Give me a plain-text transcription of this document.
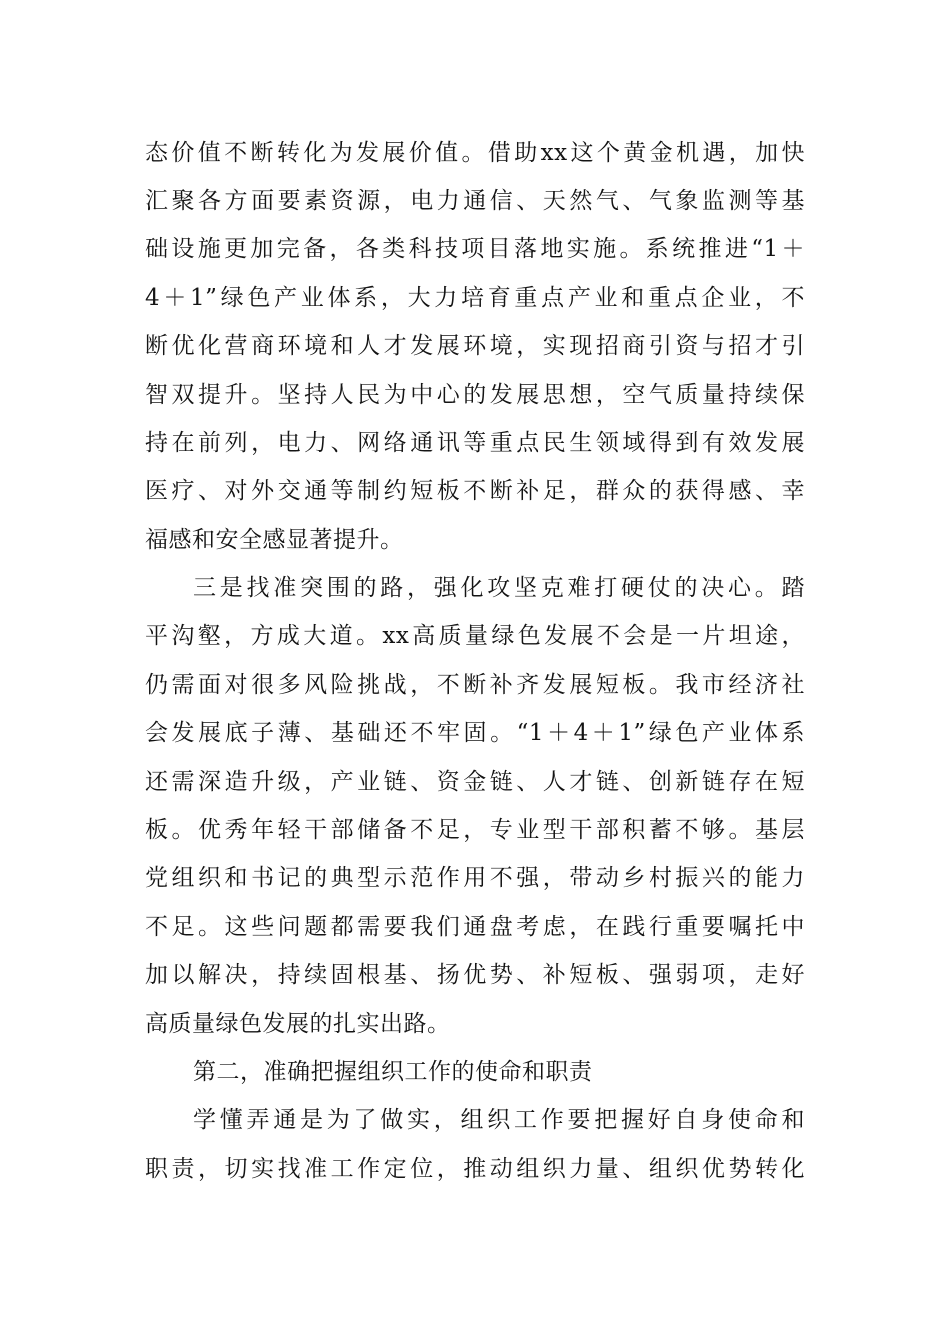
态价值不断转化为发展价值。借助xx这个黄金机遇，加快
汇聚各方面要素资源，电力通信、天然气、气象监测等基
础设施更加完备，各类科技项目落地实施。系统推进“1＋
4＋1”绿色产业体系，大力培育重点产业和重点企业，不
断优化营商环境和人才发展环境，实现招商引资与招才引
智双提升。坚持人民为中心的发展思想，空气质量持续保
持在前列，电力、网络通讯等重点民生领域得到有效发展
医疗、对外交通等制约短板不断补足，群众的获得感、幸
福感和安全感显著提升。
三是找准突围的路，强化攻坚克难打硬仗的决心。踏
平沟壑，方成大道。xx高质量绿色发展不会是一片坦途，
仍需面对很多风险挑战，不断补齐发展短板。我市经济社
会发展底子薄、基础还不牢固。“1＋4＋1”绿色产业体系
还需深造升级，产业链、资金链、人才链、创新链存在短
板。优秀年轻干部储备不足，专业型干部积蓄不够。基层
党组织和书记的典型示范作用不强，带动乡村振兴的能力
不足。这些问题都需要我们通盘考虑，在践行重要嘱托中
加以解决，持续固根基、扬优势、补短板、强弱项，走好
高质量绿色发展的扎实出路。
第二，准确把握组织工作的使命和职责
学懂弄通是为了做实，组织工作要把握好自身使命和
职责，切实找准工作定位，推动组织力量、组织优势转化
